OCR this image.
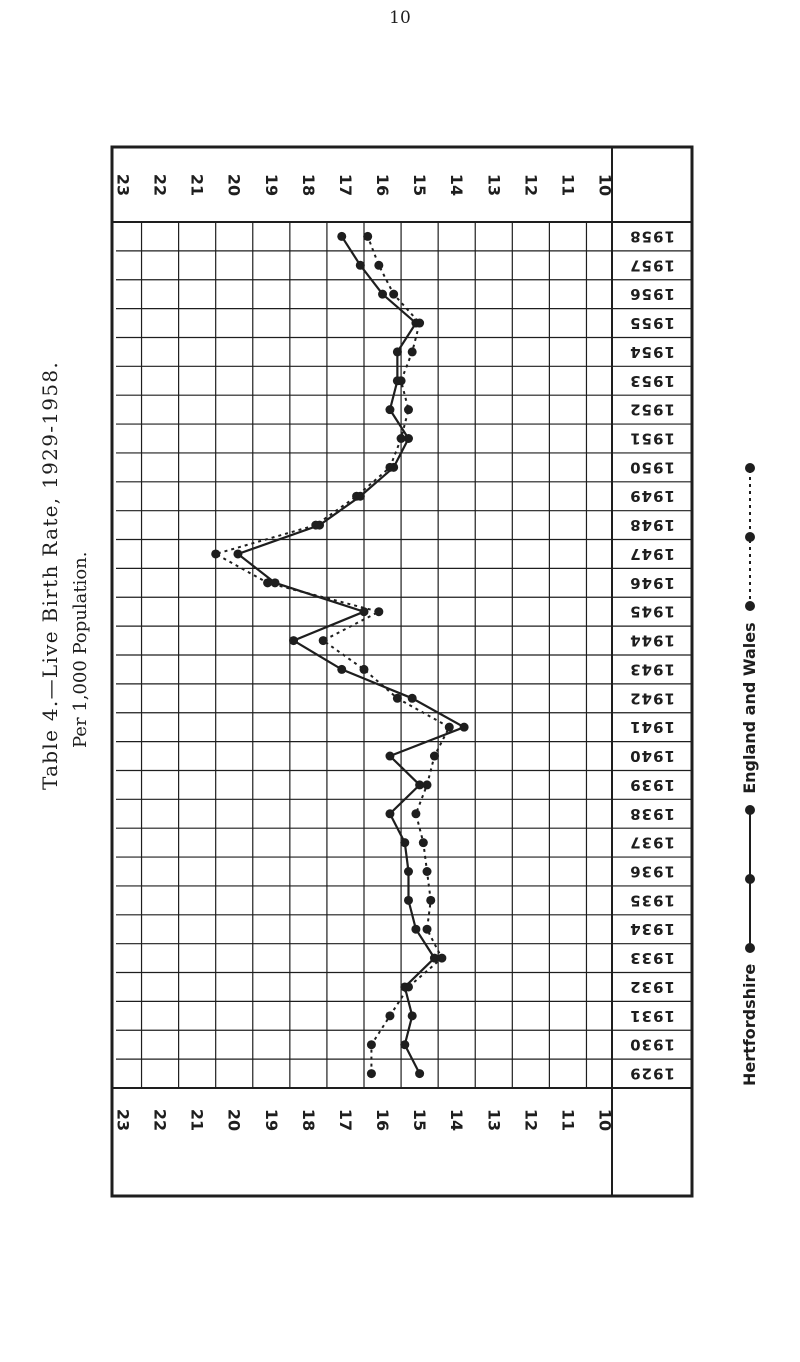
10
Table 4.—Live Birth Rate, 1929-1958. Per 1,000 Population.
23
23
22
22
21
21
20
20
19
19
18
18
17
17
16
16
15
15
14
14
13
13
12
12
11
11
10
10
1929
1930
1931
1932
1933
1934
1935
1936
1937
1938
1939
1940
1941
1942
1943
1944
1945
1946
1947
1948
1949
1950
1951
1952
1953
1954
1955
1956
1957
1958
Hertfordshire
England and Wales
